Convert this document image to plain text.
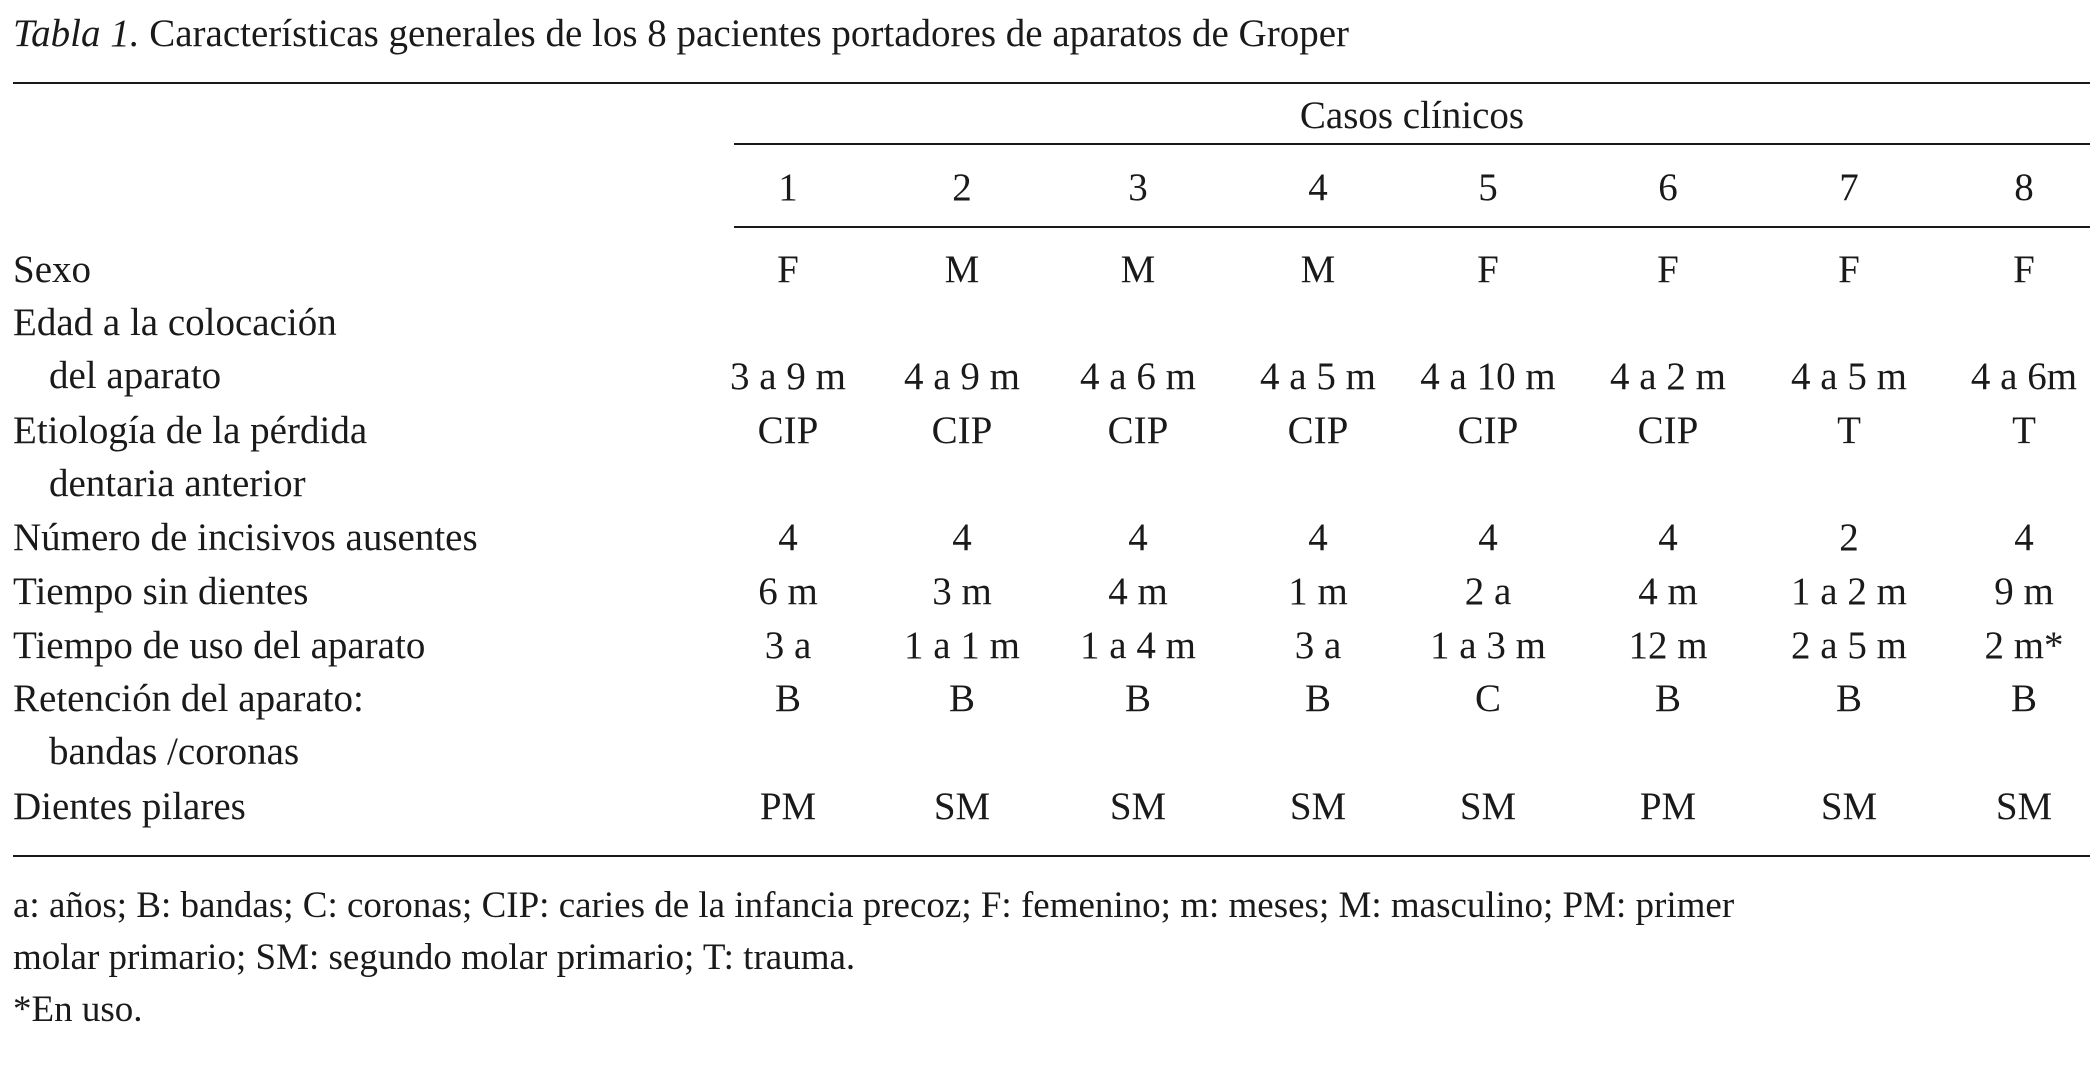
Tabla 1. Características generales de los 8 pacientes portadores de aparatos de Groper
Casos clínicos
1	2	3	4	5	6	7	8
Sexo	F	M	M	M	F	F	F	F
Edad a la colocación
del aparato	3 a 9 m	4 a 9 m	4 a 6 m	4 a 5 m	4 a 10 m	4 a 2 m	4 a 5 m	4 a 6m
Etiología de la pérdida
dentaria anterior
CIP	CIP	CIP	CIP	CIP	CIP	T	T
Número de incisivos ausentes	4	4	4	4	4	4	2	4
Tiempo sin dientes	6 m	3 m	4 m	1 m	2 a	4 m	1 a 2 m	9 m
Tiempo de uso del aparato	3 a	1 a 1 m	1 a 4 m	3 a	1 a 3 m	12 m	2 a 5 m	2 m*
Retención del aparato:
bandas /coronas
B	B	B	B	C	B	B	B
Dientes pilares	PM	SM	SM	SM	SM	PM	SM	SM
a: años; B: bandas; C: coronas; CIP: caries de la infancia precoz; F: femenino; m: meses; M: masculino; PM: primer
molar primario; SM: segundo molar primario; T: trauma.
*En uso.
